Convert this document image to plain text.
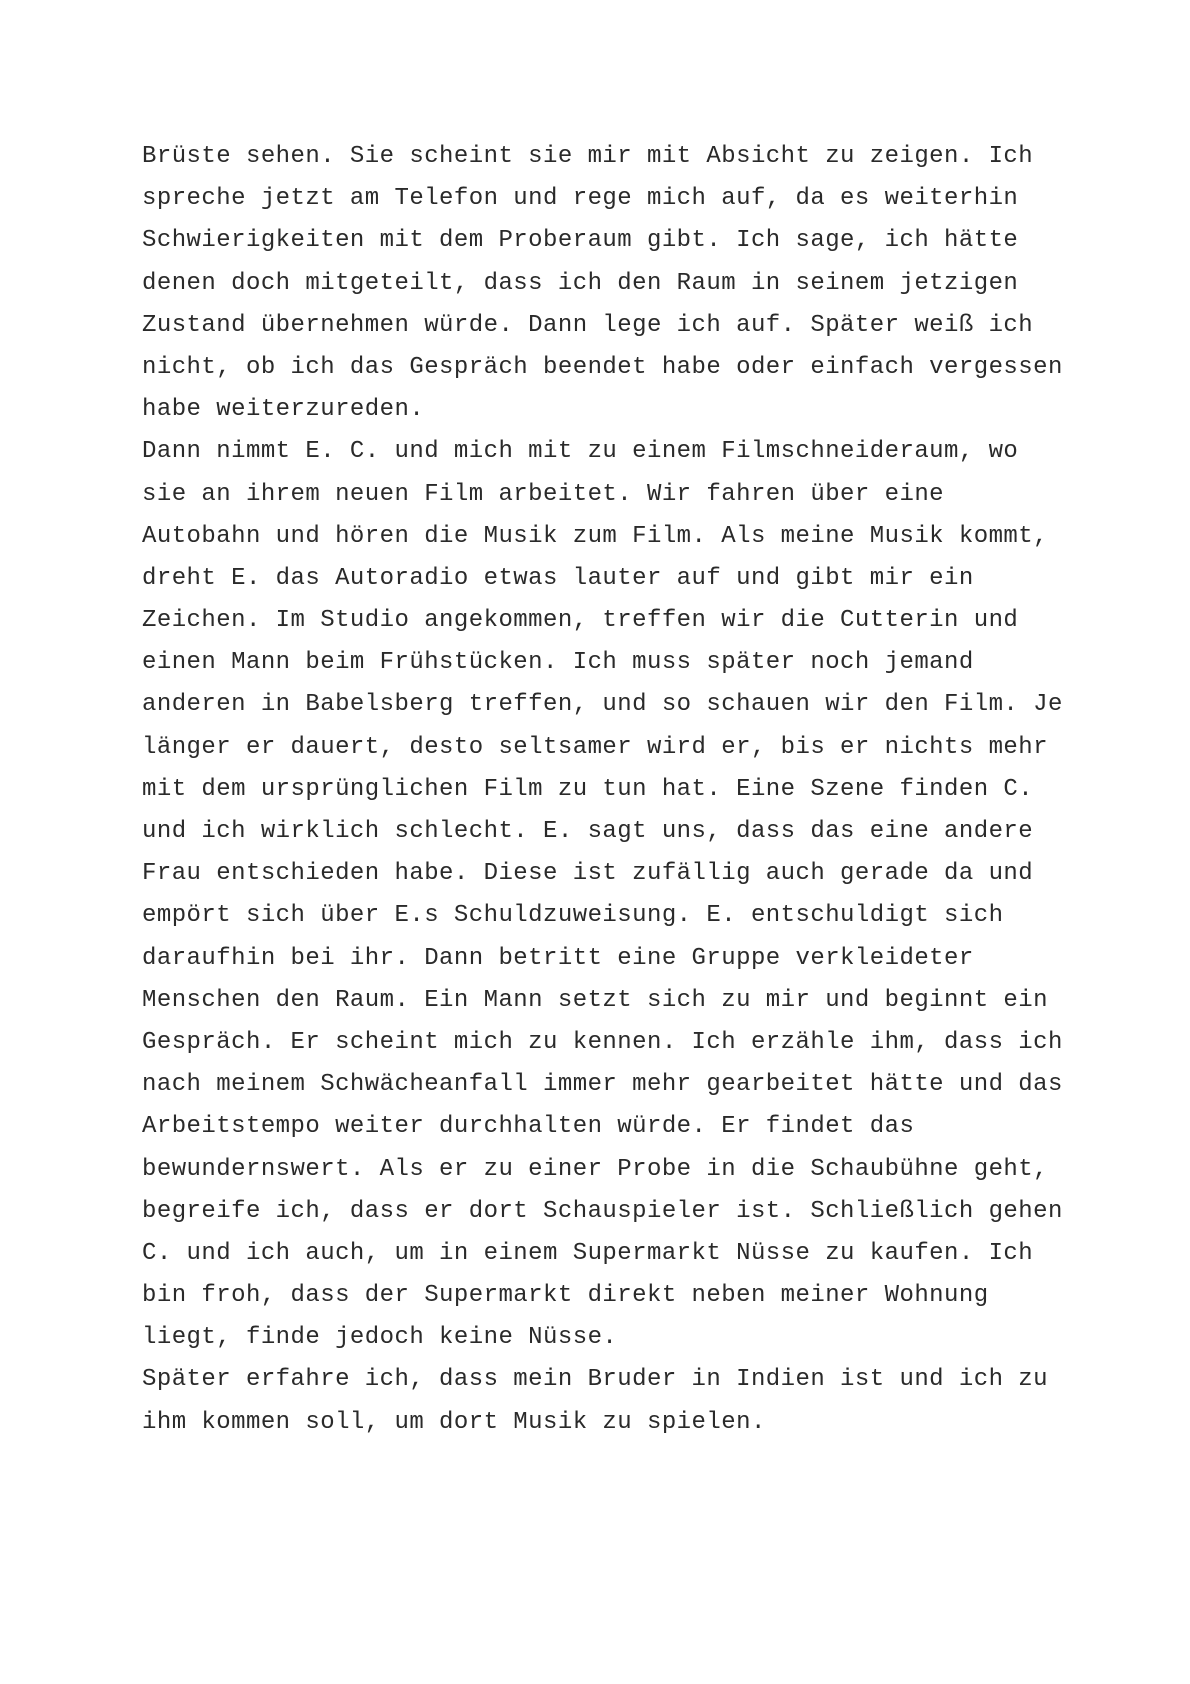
Brüste sehen. Sie scheint sie mir mit Absicht zu zeigen. Ich
spreche jetzt am Telefon und rege mich auf, da es weiterhin
Schwierigkeiten mit dem Proberaum gibt. Ich sage, ich hätte
denen doch mitgeteilt, dass ich den Raum in seinem jetzigen
Zustand übernehmen würde. Dann lege ich auf. Später weiß ich
nicht, ob ich das Gespräch beendet habe oder einfach vergessen
habe weiterzureden.
Dann nimmt E. C. und mich mit zu einem Filmschneideraum, wo
sie an ihrem neuen Film arbeitet. Wir fahren über eine
Autobahn und hören die Musik zum Film. Als meine Musik kommt,
dreht E. das Autoradio etwas lauter auf und gibt mir ein
Zeichen. Im Studio angekommen, treffen wir die Cutterin und
einen Mann beim Frühstücken. Ich muss später noch jemand
anderen in Babelsberg treffen, und so schauen wir den Film. Je
länger er dauert, desto seltsamer wird er, bis er nichts mehr
mit dem ursprünglichen Film zu tun hat. Eine Szene finden C.
und ich wirklich schlecht. E. sagt uns, dass das eine andere
Frau entschieden habe. Diese ist zufällig auch gerade da und
empört sich über E.s Schuldzuweisung. E. entschuldigt sich
daraufhin bei ihr. Dann betritt eine Gruppe verkleideter
Menschen den Raum. Ein Mann setzt sich zu mir und beginnt ein
Gespräch. Er scheint mich zu kennen. Ich erzähle ihm, dass ich
nach meinem Schwächeanfall immer mehr gearbeitet hätte und das
Arbeitstempo weiter durchhalten würde. Er findet das
bewundernswert. Als er zu einer Probe in die Schaubühne geht,
begreife ich, dass er dort Schauspieler ist. Schließlich gehen
C. und ich auch, um in einem Supermarkt Nüsse zu kaufen. Ich
bin froh, dass der Supermarkt direkt neben meiner Wohnung
liegt, finde jedoch keine Nüsse.
Später erfahre ich, dass mein Bruder in Indien ist und ich zu
ihm kommen soll, um dort Musik zu spielen.
